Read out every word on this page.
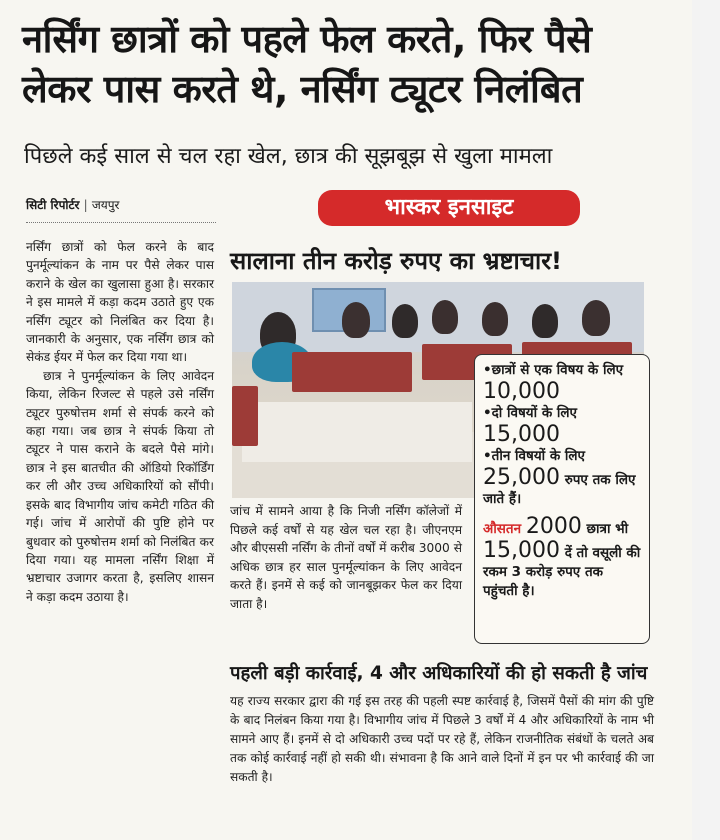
नर्सिंग छात्रों को पहले फेल करते, फिर पैसे लेकर पास करते थे, नर्सिंग ट्यूटर निलंबित
पिछले कई साल से चल रहा खेल, छात्र की सूझबूझ से खुला मामला
सिटी रिपोर्टर | जयपुर	भास्कर इनसाइट

नर्सिंग छात्रों को फेल करने के बाद पुनर्मूल्यांकन के नाम पर पैसे लेकर पास कराने के खेल का खुलासा हुआ है। सरकार ने इस मामले में कड़ा कदम उठाते हुए एक नर्सिंग ट्यूटर को निलंबित कर दिया है। जानकारी के अनुसार, एक नर्सिंग छात्र को सेकंड ईयर में फेल कर दिया गया था।

छात्र ने पुनर्मूल्यांकन के लिए आवेदन किया, लेकिन रिजल्ट से पहले उसे नर्सिंग ट्यूटर पुरुषोत्तम शर्मा से संपर्क करने को कहा गया। जब छात्र ने संपर्क किया तो ट्यूटर ने पास कराने के बदले पैसे मांगे। छात्र ने इस बातचीत की ऑडियो रिकॉर्डिंग कर ली और उच्च अधिकारियों को सौंपी। इसके बाद विभागीय जांच कमेटी गठित की गई। जांच में आरोपों की पुष्टि होने पर बुधवार को पुरुषोत्तम शर्मा को निलंबित कर दिया गया। यह मामला नर्सिंग शिक्षा में भ्रष्टाचार उजागर करता है, इसलिए शासन ने कड़ा कदम उठाया है।

सालाना तीन करोड़ रुपए का भ्रष्टाचार!
•छात्रों से एक विषय के लिए 10,000
•दो विषयों के लिए
15,000
•तीन विषयों के लिए
25,000 रुपए तक लिए जाते हैं।
औसतन 2000 छात्रा भी 15,000 दें तो वसूली की रकम 3 करोड़ रुपए तक पहुंचती है।
जांच में सामने आया है कि निजी नर्सिंग कॉलेजों में पिछले कई वर्षों से यह खेल चल रहा है। जीएनएम और बीएससी नर्सिंग के तीनों वर्षों में करीब 3000 से अधिक छात्र हर साल पुनर्मूल्यांकन के लिए आवेदन करते हैं। इनमें से कई को जानबूझकर फेल कर दिया जाता है।
पहली बड़ी कार्रवाई, 4 और अधिकारियों की हो सकती है जांच
यह राज्य सरकार द्वारा की गई इस तरह की पहली स्पष्ट कार्रवाई है, जिसमें पैसों की मांग की पुष्टि के बाद निलंबन किया गया है। विभागीय जांच में पिछले 3 वर्षों में 4 और अधिकारियों के नाम भी सामने आए हैं। इनमें से दो अधिकारी उच्च पदों पर रहे हैं, लेकिन राजनीतिक संबंधों के चलते अब तक कोई कार्रवाई नहीं हो सकी थी। संभावना है कि आने वाले दिनों में इन पर भी कार्रवाई की जा सकती है।
